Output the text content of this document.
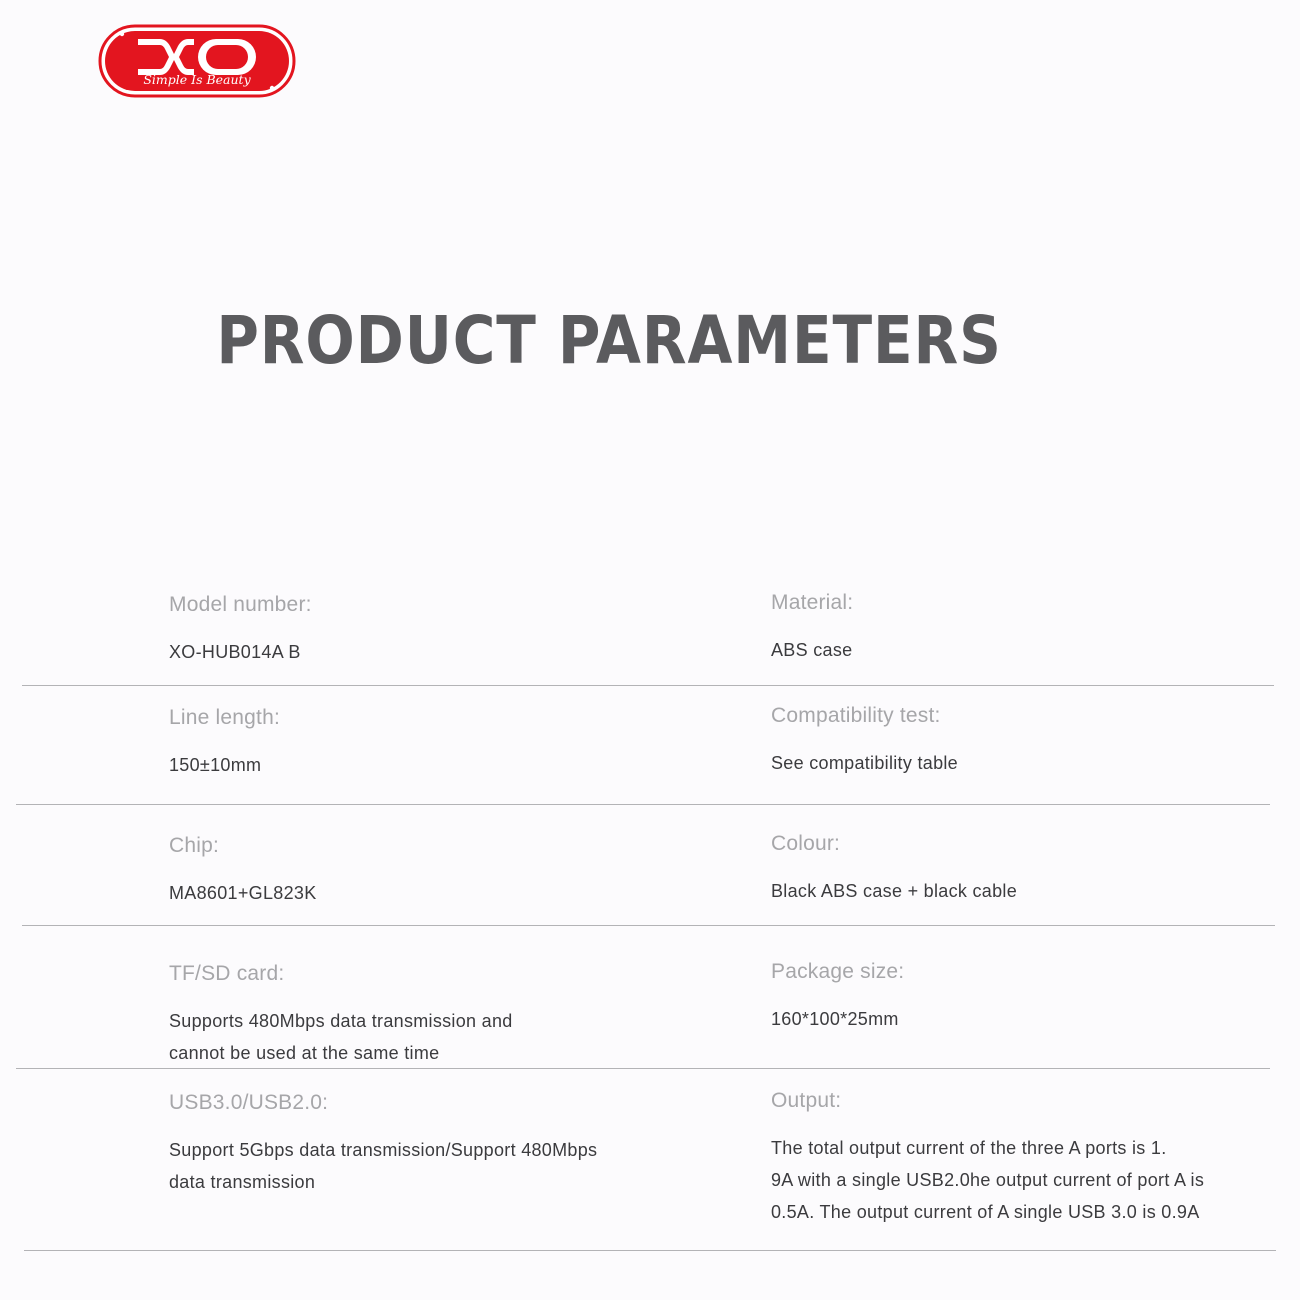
Simple Is Beauty
PRODUCT PARAMETERS
Model number:
XO-HUB014A B
Material:
ABS case
Line length:
150±10mm
Compatibility test:
See compatibility table
Chip:
MA8601+GL823K
Colour:
Black ABS case + black cable
TF/SD card:
Supports 480Mbps data transmission and
cannot be used at the same time
Package size:
160*100*25mm
USB3.0/USB2.0:
Support 5Gbps data transmission/Support 480Mbps
data transmission
Output:
The total output current of the three A ports is 1.
9A with a single USB2.0he output current of port A is
0.5A. The output current of A single USB 3.0 is 0.9A
